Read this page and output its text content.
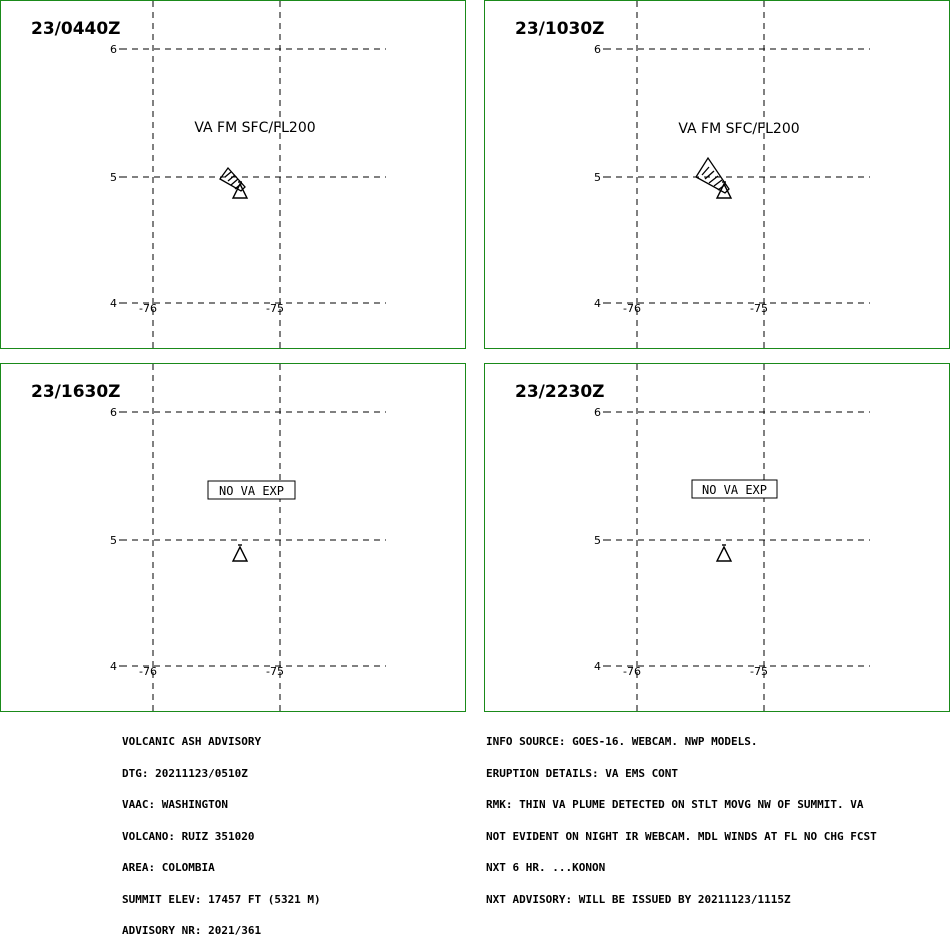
23/0440Z
6
5
4 -76	-75
VA FM SFC/FL200
23/1030Z
6
5
4 -76	-75
VA FM SFC/FL200
23/1630Z
6
5
4 -76	-75
NO VA EXP
23/2230Z
6
5
4 -76	-75
NO VA EXP

VOLCANIC ASH ADVISORY

DTG: 20211123/0510Z

VAAC: WASHINGTON

VOLCANO: RUIZ 351020

AREA: COLOMBIA

SUMMIT ELEV: 17457 FT (5321 M)

ADVISORY NR: 2021/361

INFO SOURCE: GOES-16. WEBCAM. NWP MODELS.

ERUPTION DETAILS: VA EMS CONT

RMK: THIN VA PLUME DETECTED ON STLT MOVG NW OF SUMMIT. VA

NOT EVIDENT ON NIGHT IR WEBCAM. MDL WINDS AT FL NO CHG FCST

NXT 6 HR. ...KONON

NXT ADVISORY: WILL BE ISSUED BY 20211123/1115Z
